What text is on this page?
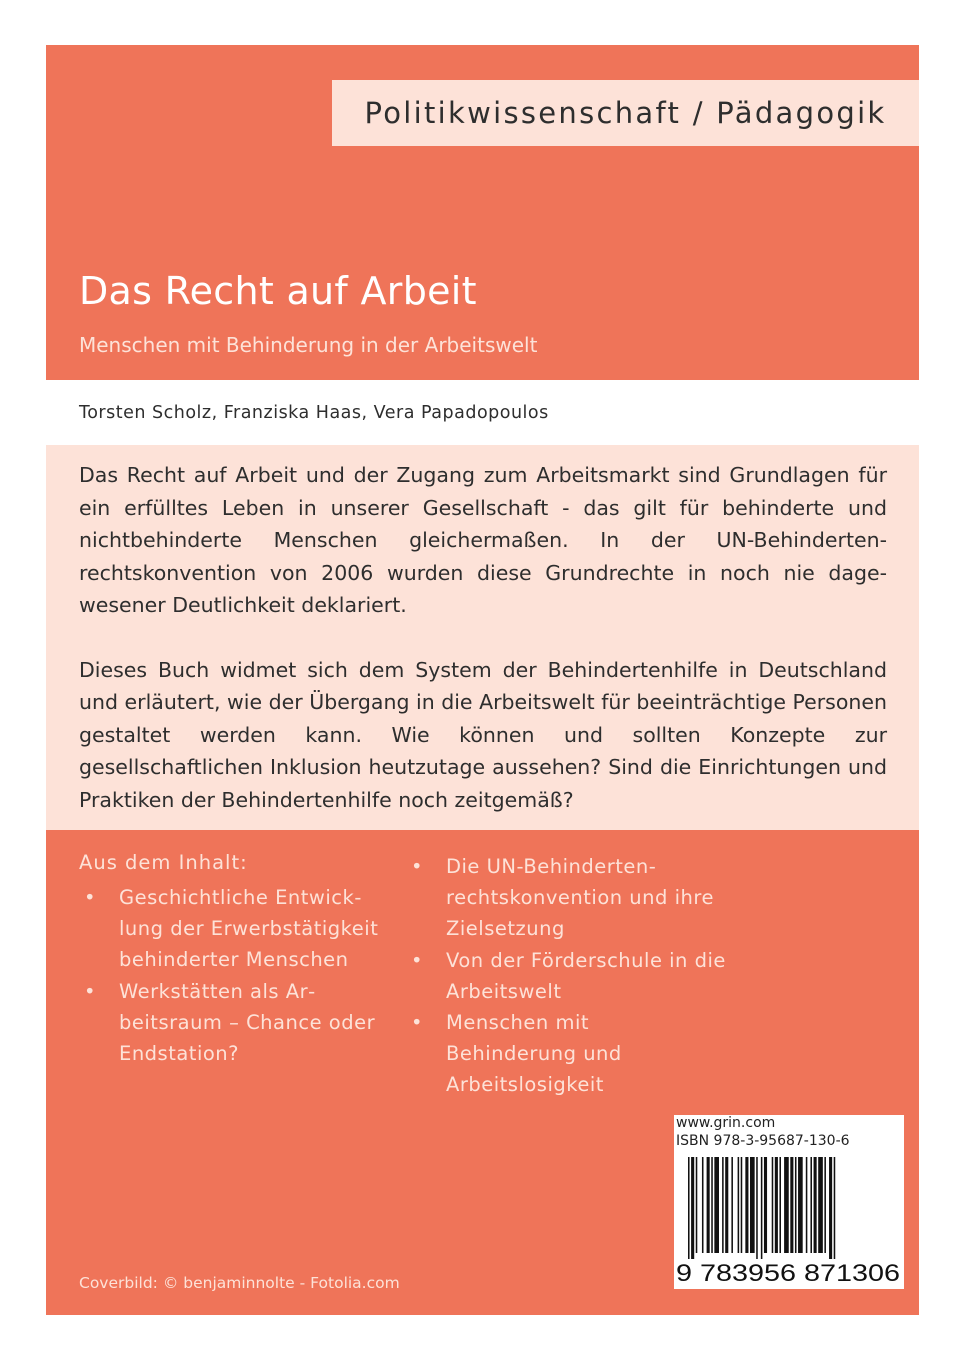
Politikwissenschaft / Pädagogik
Das Recht auf Arbeit
Menschen mit Behinderung in der Arbeitswelt
Torsten Scholz, Franziska Haas, Vera Papadopoulos

Das Recht auf Arbeit und der Zugang zum Arbeitsmarkt sind Grundlagen für ein erfülltes Leben in unserer Gesellschaft - das gilt für behinderte und nichtbehinderte Menschen gleichermaßen. In der UN-Behindertenrechtskonvention von 2006 wurden diese Grundrechte in noch nie dagewesener Deutlichkeit deklariert.

Dieses Buch widmet sich dem System der Behindertenhilfe in Deutschland und erläutert, wie der Übergang in die Arbeitswelt für beeinträchtige Personen gestaltet werden kann. Wie können und sollten Konzepte zur gesellschaftlichen Inklusion heutzutage aussehen? Sind die Einrichtungen und Praktiken der Behindertenhilfe noch zeitgemäß?

Aus dem Inhalt:
• Geschichtliche Entwicklung der Erwerbstätigkeit behinderter Menschen
• Werkstätten als Arbeitsraum – Chance oder Endstation?
• Die UN-Behindertenrechtskonvention und ihre Zielsetzung
• Von der Förderschule in die Arbeitswelt
• Menschen mit Behinderung und Arbeitslosigkeit
www.grin.com
ISBN 978-3-95687-130-6
9 783956 871306
Coverbild: © benjaminnolte - Fotolia.com
